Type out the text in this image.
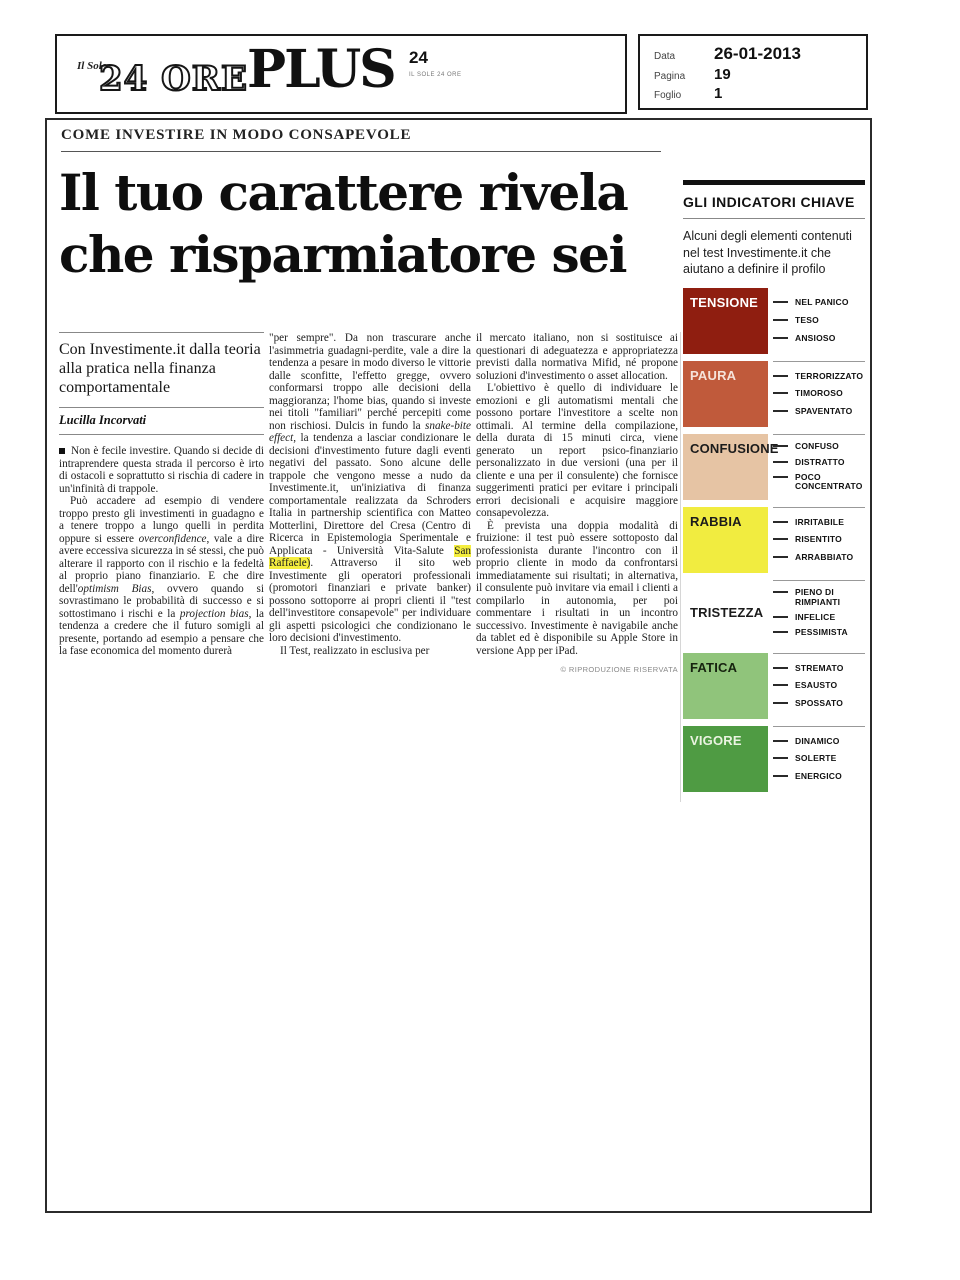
Il Sole
24 ORE PLUS 24
IL SOLE 24 ORE
Data	26-01-2013
Pagina	19
Foglio	1
COME INVESTIRE IN MODO CONSAPEVOLE
Il tuo carattere rivela
che risparmiatore sei
Con Investimente.it dalla teoria alla pratica nella finanza comportamentale
Lucilla Incorvati

Non è fecile investire. Quando si decide di intraprendere questa strada il percorso è irto di ostacoli e soprattutto si rischia di cadere in un'infinità di trappole.

Può accadere ad esempio di vendere troppo presto gli investimenti in guadagno e a tenere troppo a lungo quelli in perdita oppure si essere overconfidence, vale a dire avere eccessiva sicurezza in sé stessi, che può alterare il rapporto con il rischio e la fedeltà al proprio piano finanziario. E che dire dell'optimism Bias, ovvero quando si sovrastimano le probabilità di successo e si sottostimano i rischi e la projection bias, la tendenza a credere che il futuro somigli al presente, portando ad esempio a pensare che la fase economica del momento durerà

"per sempre". Da non trascurare anche l'asimmetria guadagni-perdite, vale a dire la tendenza a pesare in modo diverso le vittorie dalle sconfitte, l'effetto gregge, ovvero conformarsi troppo alle decisioni della maggioranza; l'home bias, quando si investe nei titoli "familiari" perché percepiti come non rischiosi. Dulcis in fundo la snake-bite effect, la tendenza a lasciar condizionare le decisioni d'investimento future dagli eventi negativi del passato. Sono alcune delle trappole che vengono messe a nudo da Investimente.it, un'iniziativa di finanza comportamentale realizzata da Schroders Italia in partnership scientifica con Matteo Motterlini, Direttore del Cresa (Centro di Ricerca in Epistemologia Sperimentale e Applicata - Università Vita-Salute San Raffaele). Attraverso il sito web Investimente gli operatori professionali (promotori finanziari e private banker) possono sottoporre ai propri clienti il "test dell'investitore consapevole" per individuare gli aspetti psicologici che condizionano le loro decisioni d'investimento.

Il Test, realizzato in esclusiva per

il mercato italiano, non si sostituisce ai questionari di adeguatezza e appropriatezza previsti dalla normativa Mifid, né propone soluzioni d'investimento o asset allocation.

L'obiettivo è quello di individuare le emozioni e gli automatismi mentali che possono portare l'investitore a scelte non ottimali. Al termine della compilazione, della durata di 15 minuti circa, viene generato un report psico-finanziario personalizzato in due versioni (una per il cliente e una per il consulente) che fornisce suggerimenti pratici per evitare i principali errori decisionali e acquisire maggiore consapevolezza.

È prevista una doppia modalità di fruizione: il test può essere sottoposto dal professionista durante l'incontro con il proprio cliente in modo da confrontarsi immediatamente sui risultati; in alternativa, il consulente può invitare via email i clienti a compilarlo in autonomia, per poi commentare i risultati in un incontro successivo. Investimente è navigabile anche da tablet ed è disponibile su Apple Store in versione App per iPad.

© RIPRODUZIONE RISERVATA
GLI INDICATORI CHIAVE
Alcuni degli elementi contenuti nel test Investimente.it che aiutano a definire il profilo
TENSIONE	NEL PANICO
TESO
ANSIOSO
PAURA	TERRORIZZATO
TIMOROSO
SPAVENTATO
CONFUSIONE	CONFUSO
DISTRATTO
POCO CONCENTRATO
RABBIA	IRRITABILE
RISENTITO
ARRABBIATO
TRISTEZZA
PIENO DI RIMPIANTI
INFELICE
PESSIMISTA
FATICA	STREMATO
ESAUSTO
SPOSSATO
VIGORE	DINAMICO
SOLERTE
ENERGICO
